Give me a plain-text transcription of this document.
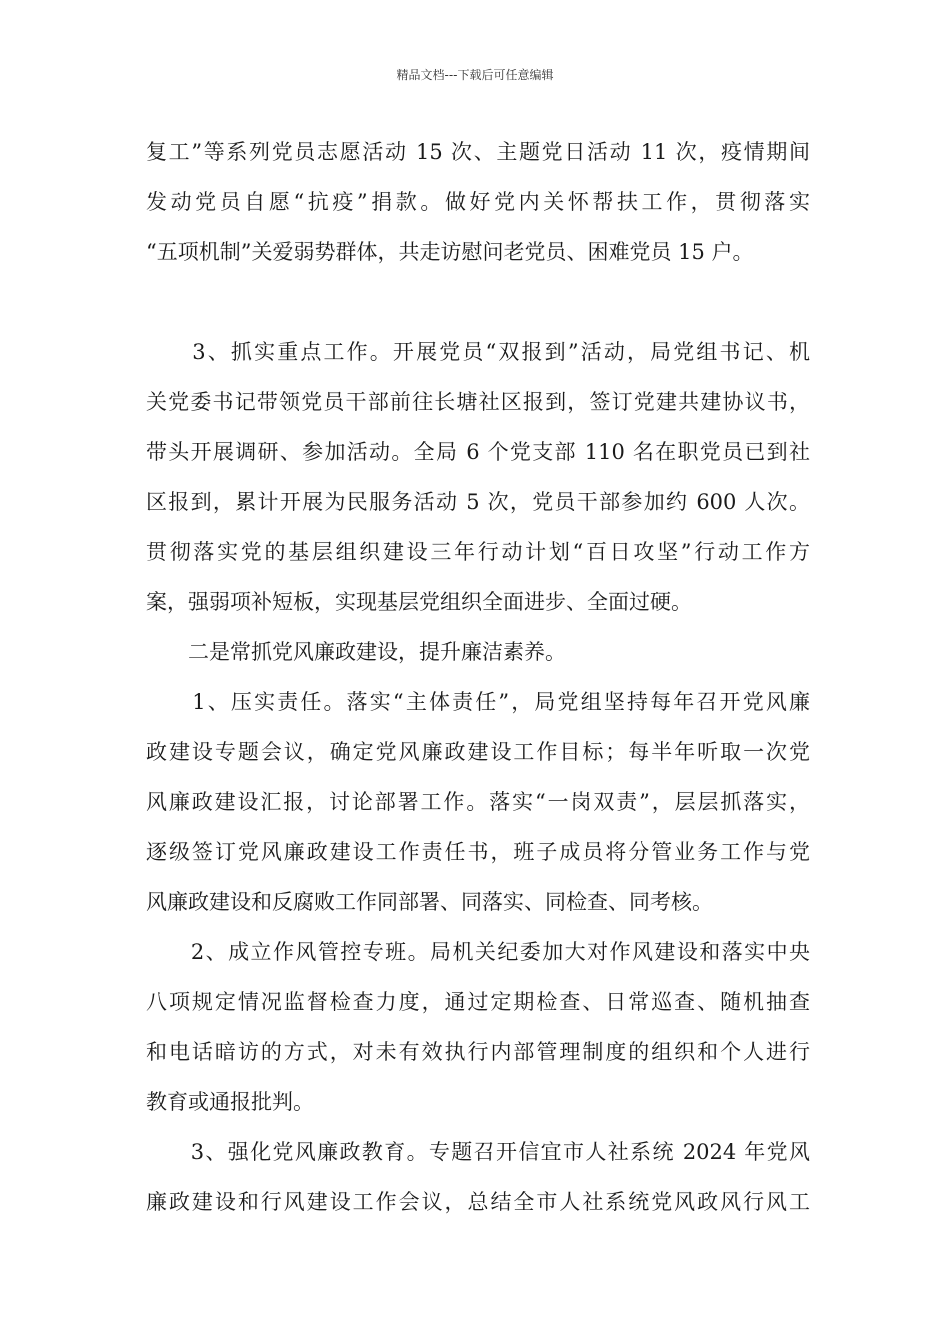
精品文档---下载后可任意编辑
复工”等系列党员志愿活动 15 次、主题党日活动 11 次，疫情期间
发动党员自愿“抗疫”捐款。做好党内关怀帮扶工作，贯彻落实
“五项机制”关爱弱势群体，共走访慰问老党员、困难党员 15 户。
　　3、抓实重点工作。开展党员“双报到”活动，局党组书记、机
关党委书记带领党员干部前往长塘社区报到，签订党建共建协议书，
带头开展调研、参加活动。全局 6 个党支部 110 名在职党员已到社
区报到，累计开展为民服务活动 5 次，党员干部参加约 600 人次。
贯彻落实党的基层组织建设三年行动计划“百日攻坚”行动工作方
案，强弱项补短板，实现基层党组织全面进步、全面过硬。
　　二是常抓党风廉政建设，提升廉洁素养。
　　1、压实责任。落实“主体责任”，局党组坚持每年召开党风廉
政建设专题会议，确定党风廉政建设工作目标；每半年听取一次党
风廉政建设汇报，讨论部署工作。落实“一岗双责”，层层抓落实，
逐级签订党风廉政建设工作责任书，班子成员将分管业务工作与党
风廉政建设和反腐败工作同部署、同落实、同检查、同考核。
　　2、成立作风管控专班。局机关纪委加大对作风建设和落实中央
八项规定情况监督检查力度，通过定期检查、日常巡查、随机抽查
和电话暗访的方式，对未有效执行内部管理制度的组织和个人进行
教育或通报批判。
　　3、强化党风廉政教育。专题召开信宜市人社系统 2024 年党风
廉政建设和行风建设工作会议，总结全市人社系统党风政风行风工
